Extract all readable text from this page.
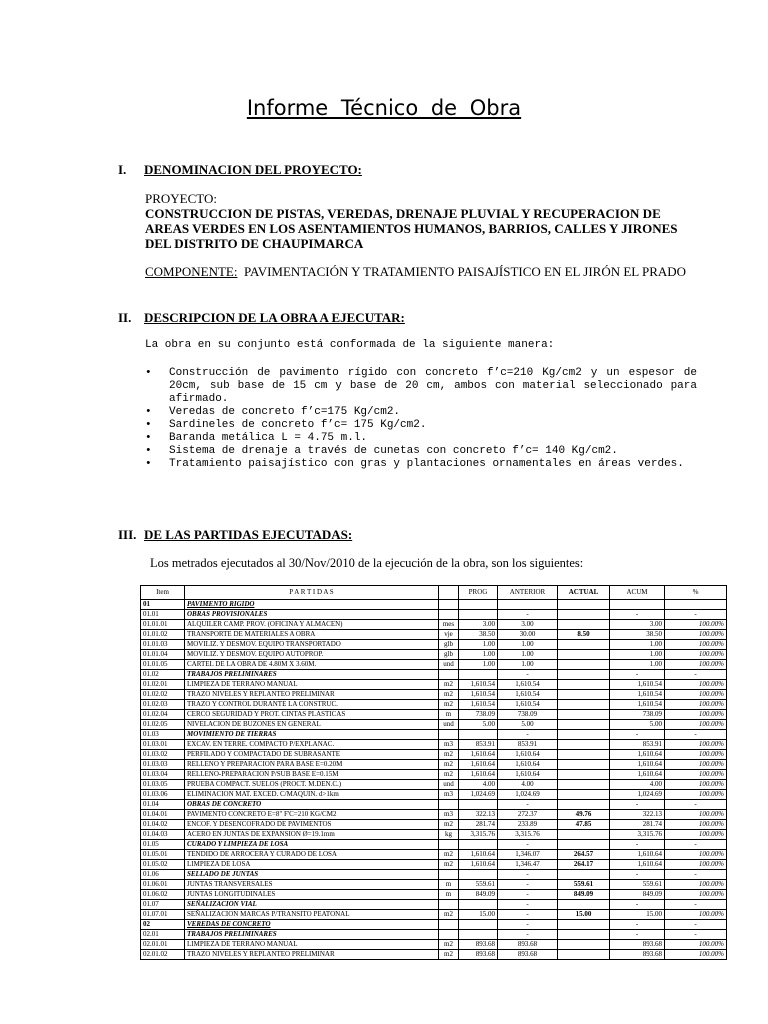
Informe Técnico de Obra
I. DENOMINACION DEL PROYECTO:
PROYECTO:
CONSTRUCCION DE PISTAS, VEREDAS, DRENAJE PLUVIAL Y RECUPERACION DE AREAS VERDES EN LOS ASENTAMIENTOS HUMANOS, BARRIOS, CALLES Y JIRONES DEL DISTRITO DE CHAUPIMARCA
COMPONENTE: PAVIMENTACIÓN Y TRATAMIENTO PAISAJÍSTICO EN EL JIRÓN EL PRADO
II. DESCRIPCION DE LA OBRA A EJECUTAR:
La obra en su conjunto está conformada de la siguiente manera:
• Construcción de pavimento rígido con concreto f’c=210 Kg/cm2 y un espesor de 20cm, sub base de 15 cm y base de 20 cm, ambos con material seleccionado para afirmado.
• Veredas de concreto f’c=175 Kg/cm2.
• Sardineles de concreto f’c= 175 Kg/cm2.
• Baranda metálica L = 4.75 m.l.
• Sistema de drenaje a través de cunetas con concreto f’c= 140 Kg/cm2.
• Tratamiento paisajístico con gras y plantaciones ornamentales en áreas verdes.
III. DE LAS PARTIDAS EJECUTADAS:
Los metrados ejecutados al 30/Nov/2010 de la ejecución de la obra, son los siguientes:
Item	P A R T I D A S		PROG	ANTERIOR	ACTUAL	ACUM	%
01	PAVIMENTO RIGIDO						
01.01	OBRAS PROVISIONALES			-		-	-
01.01.01	ALQUILER CAMP. PROV. (OFICINA Y ALMACEN)	mes	3.00	3.00		3.00	100.00%
01.01.02	TRANSPORTE DE MATERIALES A OBRA	vje	38.50	30.00	8.50	38.50	100.00%
01.01.03	MOVILIZ. Y DESMOV. EQUIPO TRANSPORTADO	glb	1.00	1.00		1.00	100.00%
01.01.04	MOVILIZ. Y DESMOV. EQUIPO AUTOPROP.	glb	1.00	1.00		1.00	100.00%
01.01.05	CARTEL DE LA OBRA DE 4.80M X 3.60M.	und	1.00	1.00		1.00	100.00%
01.02	TRABAJOS PRELIMINARES			-		-	-
01.02.01	LIMPIEZA DE TERRANO MANUAL	m2	1,610.54	1,610.54		1,610.54	100.00%
01.02.02	TRAZO NIVELES Y REPLANTEO PRELIMINAR	m2	1,610.54	1,610.54		1,610.54	100.00%
01.02.03	TRAZO Y CONTROL DURANTE LA CONSTRUC.	m2	1,610.54	1,610.54		1,610.54	100.00%
01.02.04	CERCO SEGURIDAD Y PROT. CINTAS PLASTICAS	m	738.09	738.09		738.09	100.00%
01.02.05	NIVELACION DE BUZONES EN GENERAL	und	5.00	5.00		5.00	100.00%
01.03	MOVIMIENTO DE TIERRAS			-		-	-
01.03.01	EXCAV. EN TERRE. COMPACTO P/EXPLANAC.	m3	853.91	853.91		853.91	100.00%
01.03.02	PERFILADO Y COMPACTADO DE SUBRASANTE	m2	1,610.64	1,610.64		1,610.64	100.00%
01.03.03	RELLENO Y PREPARACION PARA BASE E=0.20M	m2	1,610.64	1,610.64		1,610.64	100.00%
01.03.04	RELLENO-PREPARACION P/SUB BASE E=0.15M	m2	1,610.64	1,610.64		1,610.64	100.00%
01.03.05	PRUEBA COMPACT. SUELOS (PROCT. M.DEN.C.)	und	4.00	4.00		4.00	100.00%
01.03.06	ELIMINACION MAT. EXCED. C/MAQUIN. d>1km	m3	1,024.69	1,024.69		1,024.69	100.00%
01.04	OBRAS DE CONCRETO			-		-	-
01.04.01	PAVIMENTO CONCRETO E=8" F'C=210 KG/CM2	m3	322.13	272.37	49.76	322.13	100.00%
01.04.02	ENCOF. Y DESENCOFRADO DE PAVIMENTOS	m2	281.74	233.89	47.85	281.74	100.00%
01.04.03	ACERO EN JUNTAS DE EXPANSION Ø=19.1mm	kg	3,315.76	3,315.76		3,315.76	100.00%
01.05	CURADO Y LIMPIEZA DE LOSA			-		-	-
01.05.01	TENDIDO DE ARROCERA Y CURADO DE LOSA	m2	1,610.64	1,346.07	264.57	1,610.64	100.00%
01.05.02	LIMPIEZA DE LOSA	m2	1,610.64	1,346.47	264.17	1,610.64	100.00%
01.06	SELLADO DE JUNTAS			-		-	-
01.06.01	JUNTAS TRANSVERSALES	m	559.61	-	559.61	559.61	100.00%
01.06.02	JUNTAS LONGITUDINALES	m	849.09	-	849.09	849.09	100.00%
01.07	SEÑALIZACION VIAL			-		-	-
01.07.01	SEÑALIZACION MARCAS P/TRANSITO PEATONAL	m2	15.00	-	15.00	15.00	100.00%
02	VEREDAS DE CONCRETO			-		-	-
02.01	TRABAJOS PRELIMINARES			-		-	-
02.01.01	LIMPIEZA DE TERRANO MANUAL	m2	893.68	893.68		893.68	100.00%
02.01.02	TRAZO NIVELES Y REPLANTEO PRELIMINAR	m2	893.68	893.68		893.68	100.00%
